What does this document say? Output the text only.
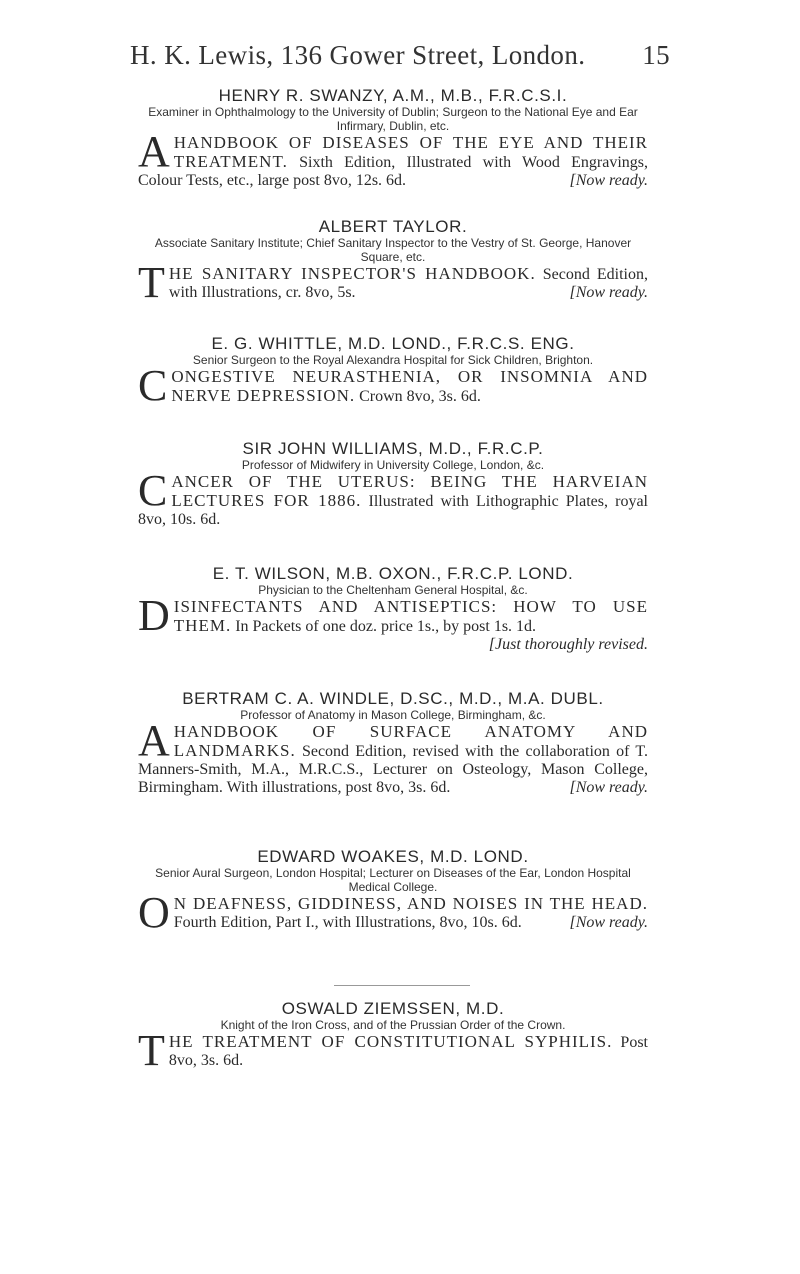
H. K. Lewis, 136 Gower Street, London. 15
HENRY R. SWANZY, A.M., M.B., F.R.C.S.I.
Examiner in Ophthalmology to the University of Dublin; Surgeon to the National Eye and Ear Infirmary, Dublin, etc.
A HANDBOOK OF DISEASES OF THE EYE AND THEIR TREATMENT. Sixth Edition, Illustrated with Wood Engravings, Colour Tests, etc., large post 8vo, 12s. 6d.	[Now ready.
ALBERT TAYLOR.
Associate Sanitary Institute; Chief Sanitary Inspector to the Vestry of St. George, Hanover Square, etc.
T HE SANITARY INSPECTOR'S HANDBOOK. Second Edition, with Illustrations, cr. 8vo, 5s.	[Now ready.
E. G. WHITTLE, M.D. LOND., F.R.C.S. ENG.
Senior Surgeon to the Royal Alexandra Hospital for Sick Children, Brighton.
C ONGESTIVE NEURASTHENIA, OR INSOMNIA AND NERVE DEPRESSION. Crown 8vo, 3s. 6d.
SIR JOHN WILLIAMS, M.D., F.R.C.P.
Professor of Midwifery in University College, London, &c.
C ANCER OF THE UTERUS: BEING THE HARVEIAN LECTURES FOR 1886. Illustrated with Lithographic Plates, royal 8vo, 10s. 6d.
E. T. WILSON, M.B. OXON., F.R.C.P. LOND.
Physician to the Cheltenham General Hospital, &c.
D ISINFECTANTS AND ANTISEPTICS: HOW TO USE THEM. In Packets of one doz. price 1s., by post 1s. 1d.
[Just thoroughly revised.
BERTRAM C. A. WINDLE, D.SC., M.D., M.A. DUBL.
Professor of Anatomy in Mason College, Birmingham, &c.
A HANDBOOK OF SURFACE ANATOMY AND LANDMARKS. Second Edition, revised with the collaboration of T. Manners-Smith, M.A., M.R.C.S., Lecturer on Osteology, Mason College, Birmingham. With illustrations, post 8vo, 3s. 6d.	[Now ready.
EDWARD WOAKES, M.D. LOND.
Senior Aural Surgeon, London Hospital; Lecturer on Diseases of the Ear, London Hospital Medical College.
O N DEAFNESS, GIDDINESS, AND NOISES IN THE HEAD. Fourth Edition, Part I., with Illustrations, 8vo, 10s. 6d.	[Now ready.
OSWALD ZIEMSSEN, M.D.
Knight of the Iron Cross, and of the Prussian Order of the Crown.
T HE TREATMENT OF CONSTITUTIONAL SYPHILIS. Post 8vo, 3s. 6d.
